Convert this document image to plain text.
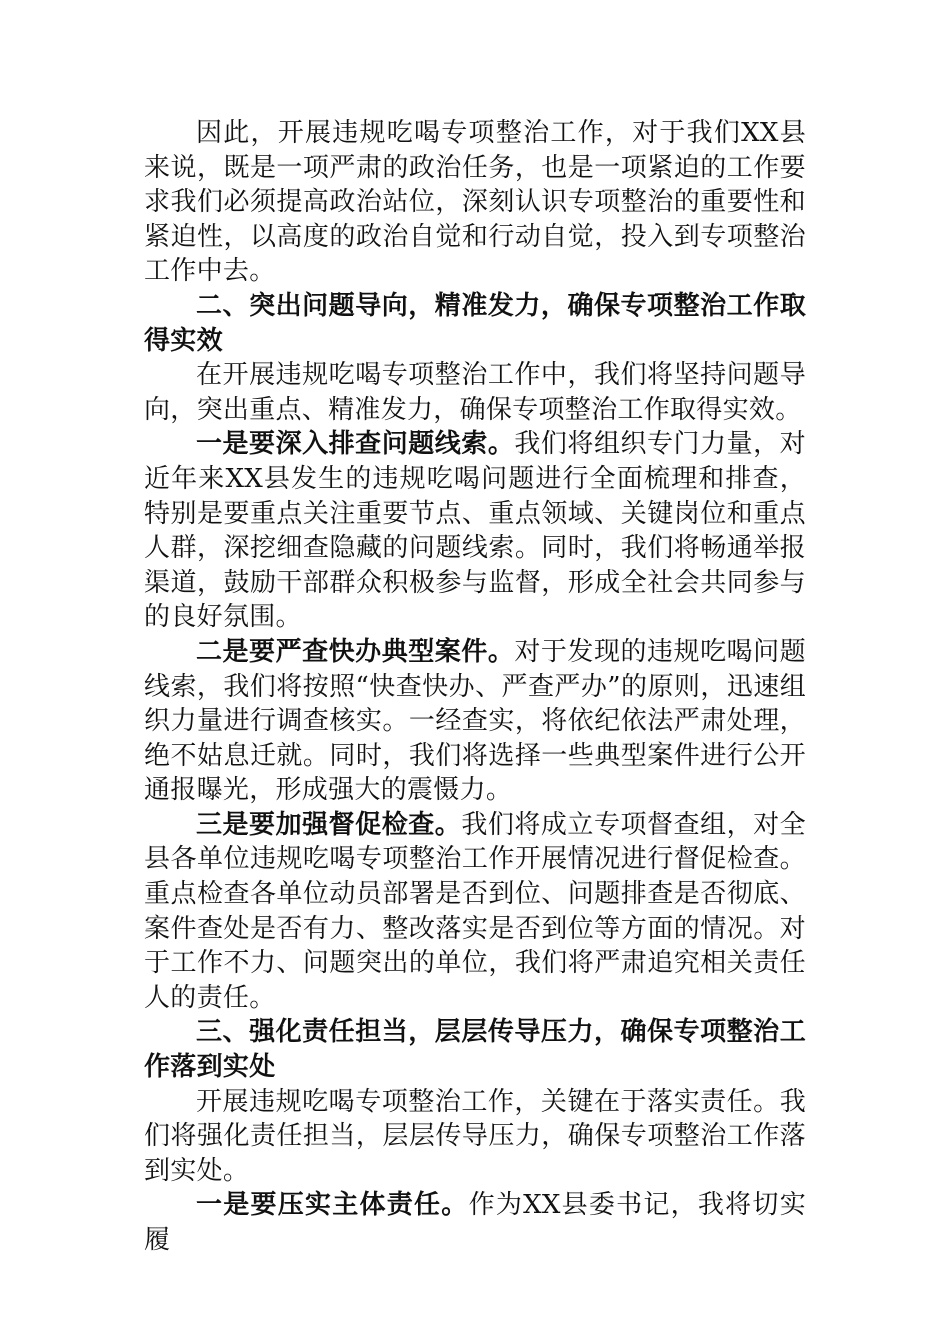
因此，开展违规吃喝专项整治工作，对于我们XX县来说，既是一项严肃的政治任务，也是一项紧迫的工作要求我们必须提高政治站位，深刻认识专项整治的重要性和紧迫性，以高度的政治自觉和行动自觉，投入到专项整治工作中去。

二、突出问题导向，精准发力，确保专项整治工作取得实效

在开展违规吃喝专项整治工作中，我们将坚持问题导向，突出重点、精准发力，确保专项整治工作取得实效。

一是要深入排查问题线索。我们将组织专门力量，对近年来XX县发生的违规吃喝问题进行全面梳理和排查，特别是要重点关注重要节点、重点领域、关键岗位和重点人群，深挖细查隐藏的问题线索。同时，我们将畅通举报渠道，鼓励干部群众积极参与监督，形成全社会共同参与的良好氛围。

二是要严查快办典型案件。对于发现的违规吃喝问题线索，我们将按照“快查快办、严查严办”的原则，迅速组织力量进行调查核实。一经查实，将依纪依法严肃处理，绝不姑息迁就。同时，我们将选择一些典型案件进行公开通报曝光，形成强大的震慑力。

三是要加强督促检查。我们将成立专项督查组，对全县各单位违规吃喝专项整治工作开展情况进行督促检查。重点检查各单位动员部署是否到位、问题排查是否彻底、案件查处是否有力、整改落实是否到位等方面的情况。对于工作不力、问题突出的单位，我们将严肃追究相关责任人的责任。

三、强化责任担当，层层传导压力，确保专项整治工作落到实处

开展违规吃喝专项整治工作，关键在于落实责任。我们将强化责任担当，层层传导压力，确保专项整治工作落到实处。

一是要压实主体责任。作为XX县委书记，我将切实履
